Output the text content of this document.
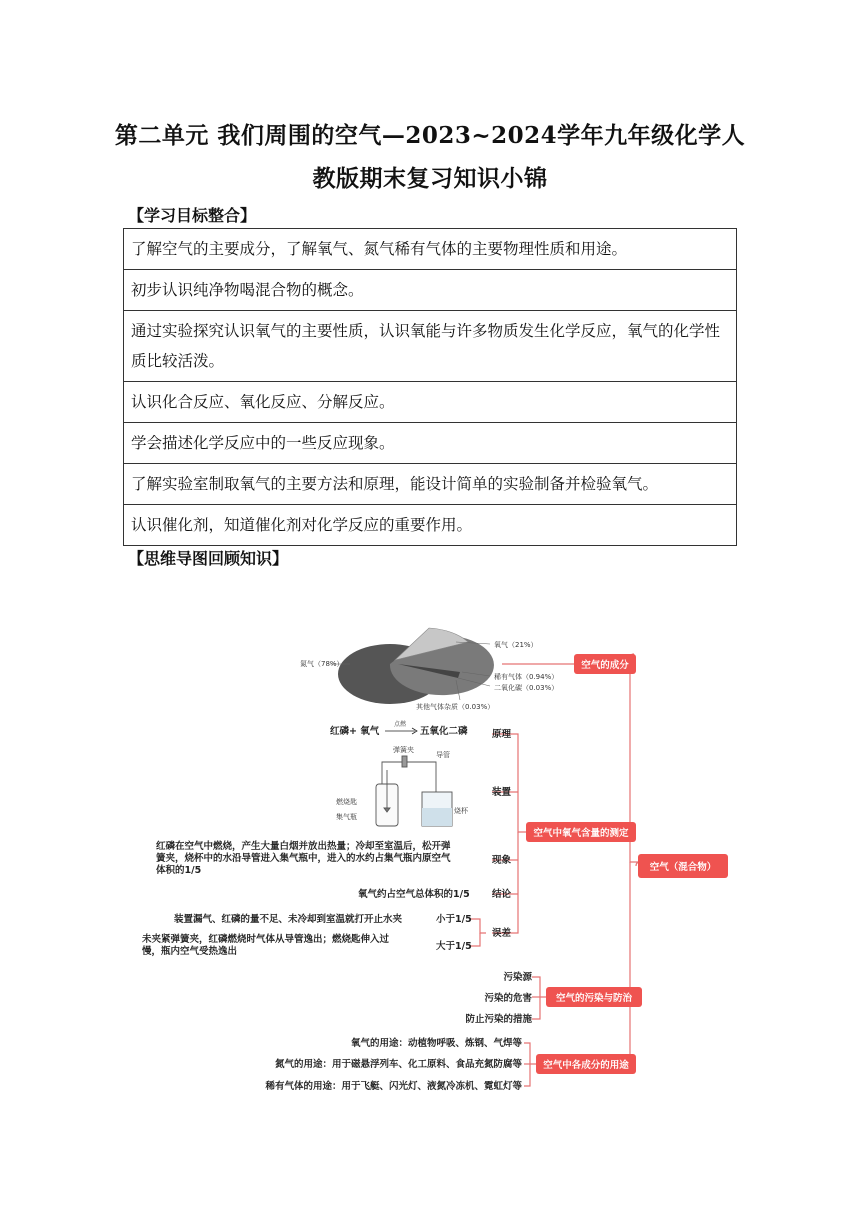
第二单元 我们周围的空气—2023~2024学年九年级化学人
教版期末复习知识小锦
【学习目标整合】
了解空气的主要成分，了解氧气、氮气稀有气体的主要物理性质和用途。
初步认识纯净物喝混合物的概念。
通过实验探究认识氧气的主要性质，认识氧能与许多物质发生化学反应，氧气的化学性质比较活泼。
认识化合反应、氧化反应、分解反应。
学会描述化学反应中的一些反应现象。
了解实验室制取氧气的主要方法和原理，能设计简单的实验制备并检验氧气。
认识催化剂，知道催化剂对化学反应的重要作用。
【思维导图回顾知识】
空气（混合物）
空气的成分
空气中氧气含量的测定
空气的污染与防治
空气中各成分的用途
氮气（78%）
氧气（21%）
稀有气体（0.94%）
二氧化碳（0.03%）
其他气体杂质（0.03%）
原理
红磷+ 氧气
点燃
五氧化二磷
装置
弹簧夹
导管
燃烧匙
集气瓶
烧杯
现象
红磷在空气中燃烧，产生大量白烟并放出热量；冷却至室温后，松开弹
簧夹，烧杯中的水沿导管进入集气瓶中，进入的水约占集气瓶内原空气
体积的1/5
结论
氧气约占空气总体积的1/5
误差
小于1/5
大于1/5
装置漏气、红磷的量不足、未冷却到室温就打开止水夹
未夹紧弹簧夹，红磷燃烧时气体从导管逸出；燃烧匙伸入过
慢，瓶内空气受热逸出
污染源
污染的危害
防止污染的措施
氧气的用途：动植物呼吸、炼钢、气焊等
氮气的用途：用于磁悬浮列车、化工原料、食品充氮防腐等
稀有气体的用途：用于飞艇、闪光灯、液氮冷冻机、霓虹灯等
